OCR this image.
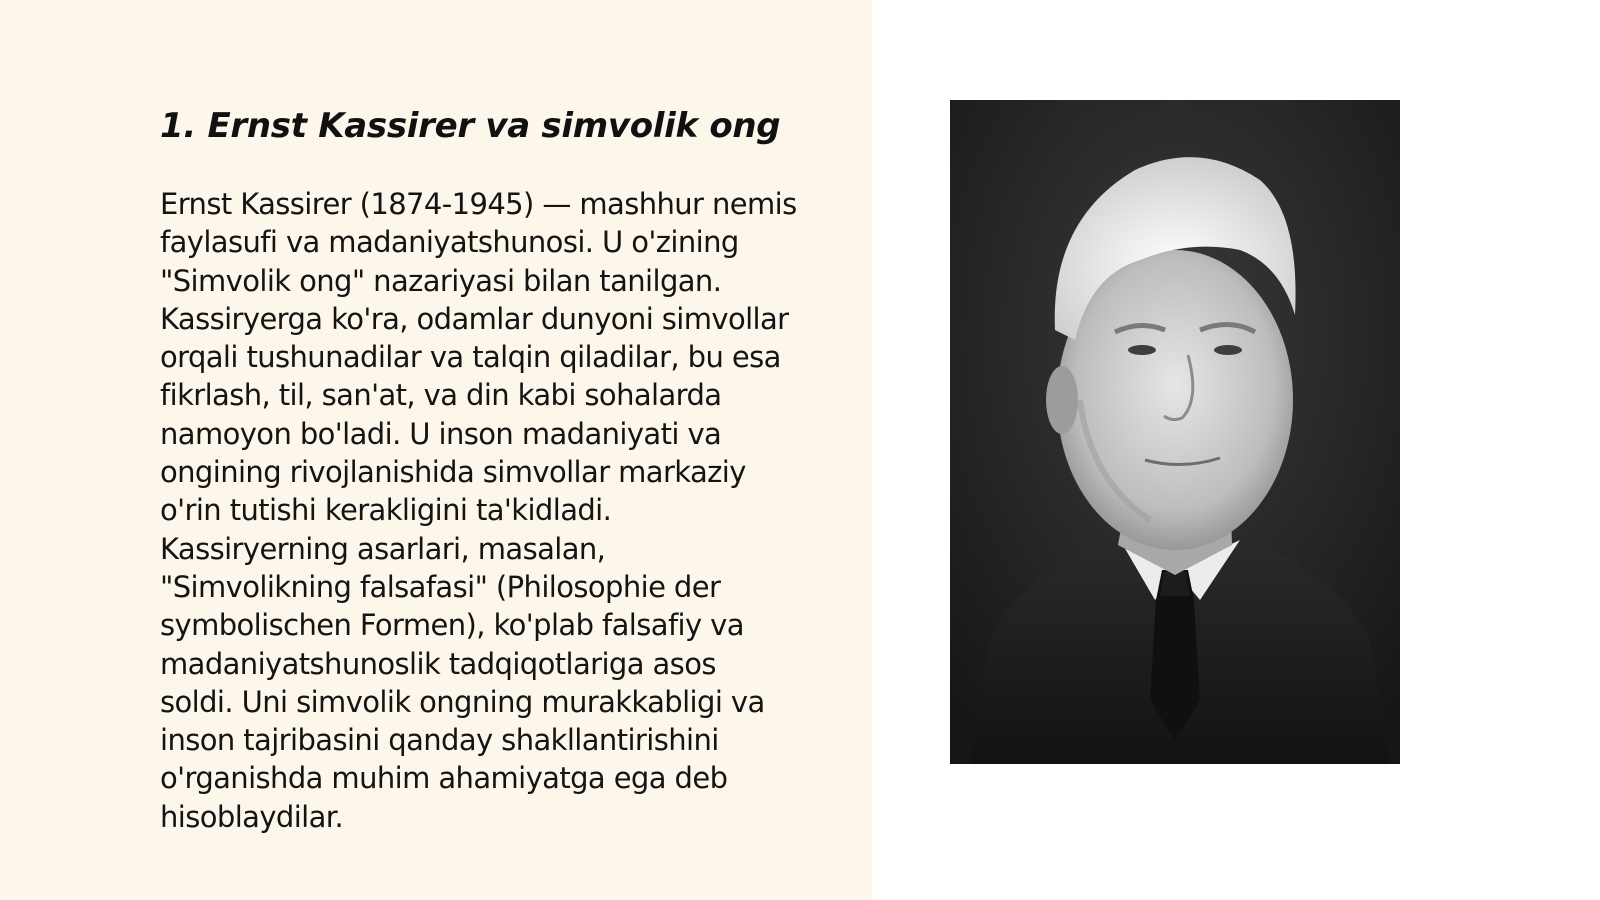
1. Ernst Kassirer va simvolik ong

Ernst Kassirer (1874-1945) — mashhur nemis
faylasufi va madaniyatshunosi. U o'zining
"Simvolik ong" nazariyasi bilan tanilgan.
Kassiryerga ko'ra, odamlar dunyoni simvollar
orqali tushunadilar va talqin qiladilar, bu esa
fikrlash, til, san'at, va din kabi sohalarda
namoyon bo'ladi. U inson madaniyati va
ongining rivojlanishida simvollar markaziy
o'rin tutishi kerakligini ta'kidladi.
Kassiryerning asarlari, masalan,
"Simvolikning falsafasi" (Philosophie der
symbolischen Formen), ko'plab falsafiy va
madaniyatshunoslik tadqiqotlariga asos
soldi. Uni simvolik ongning murakkabligi va
inson tajribasini qanday shakllantirishini
o'rganishda muhim ahamiyatga ega deb
hisoblaydilar.
